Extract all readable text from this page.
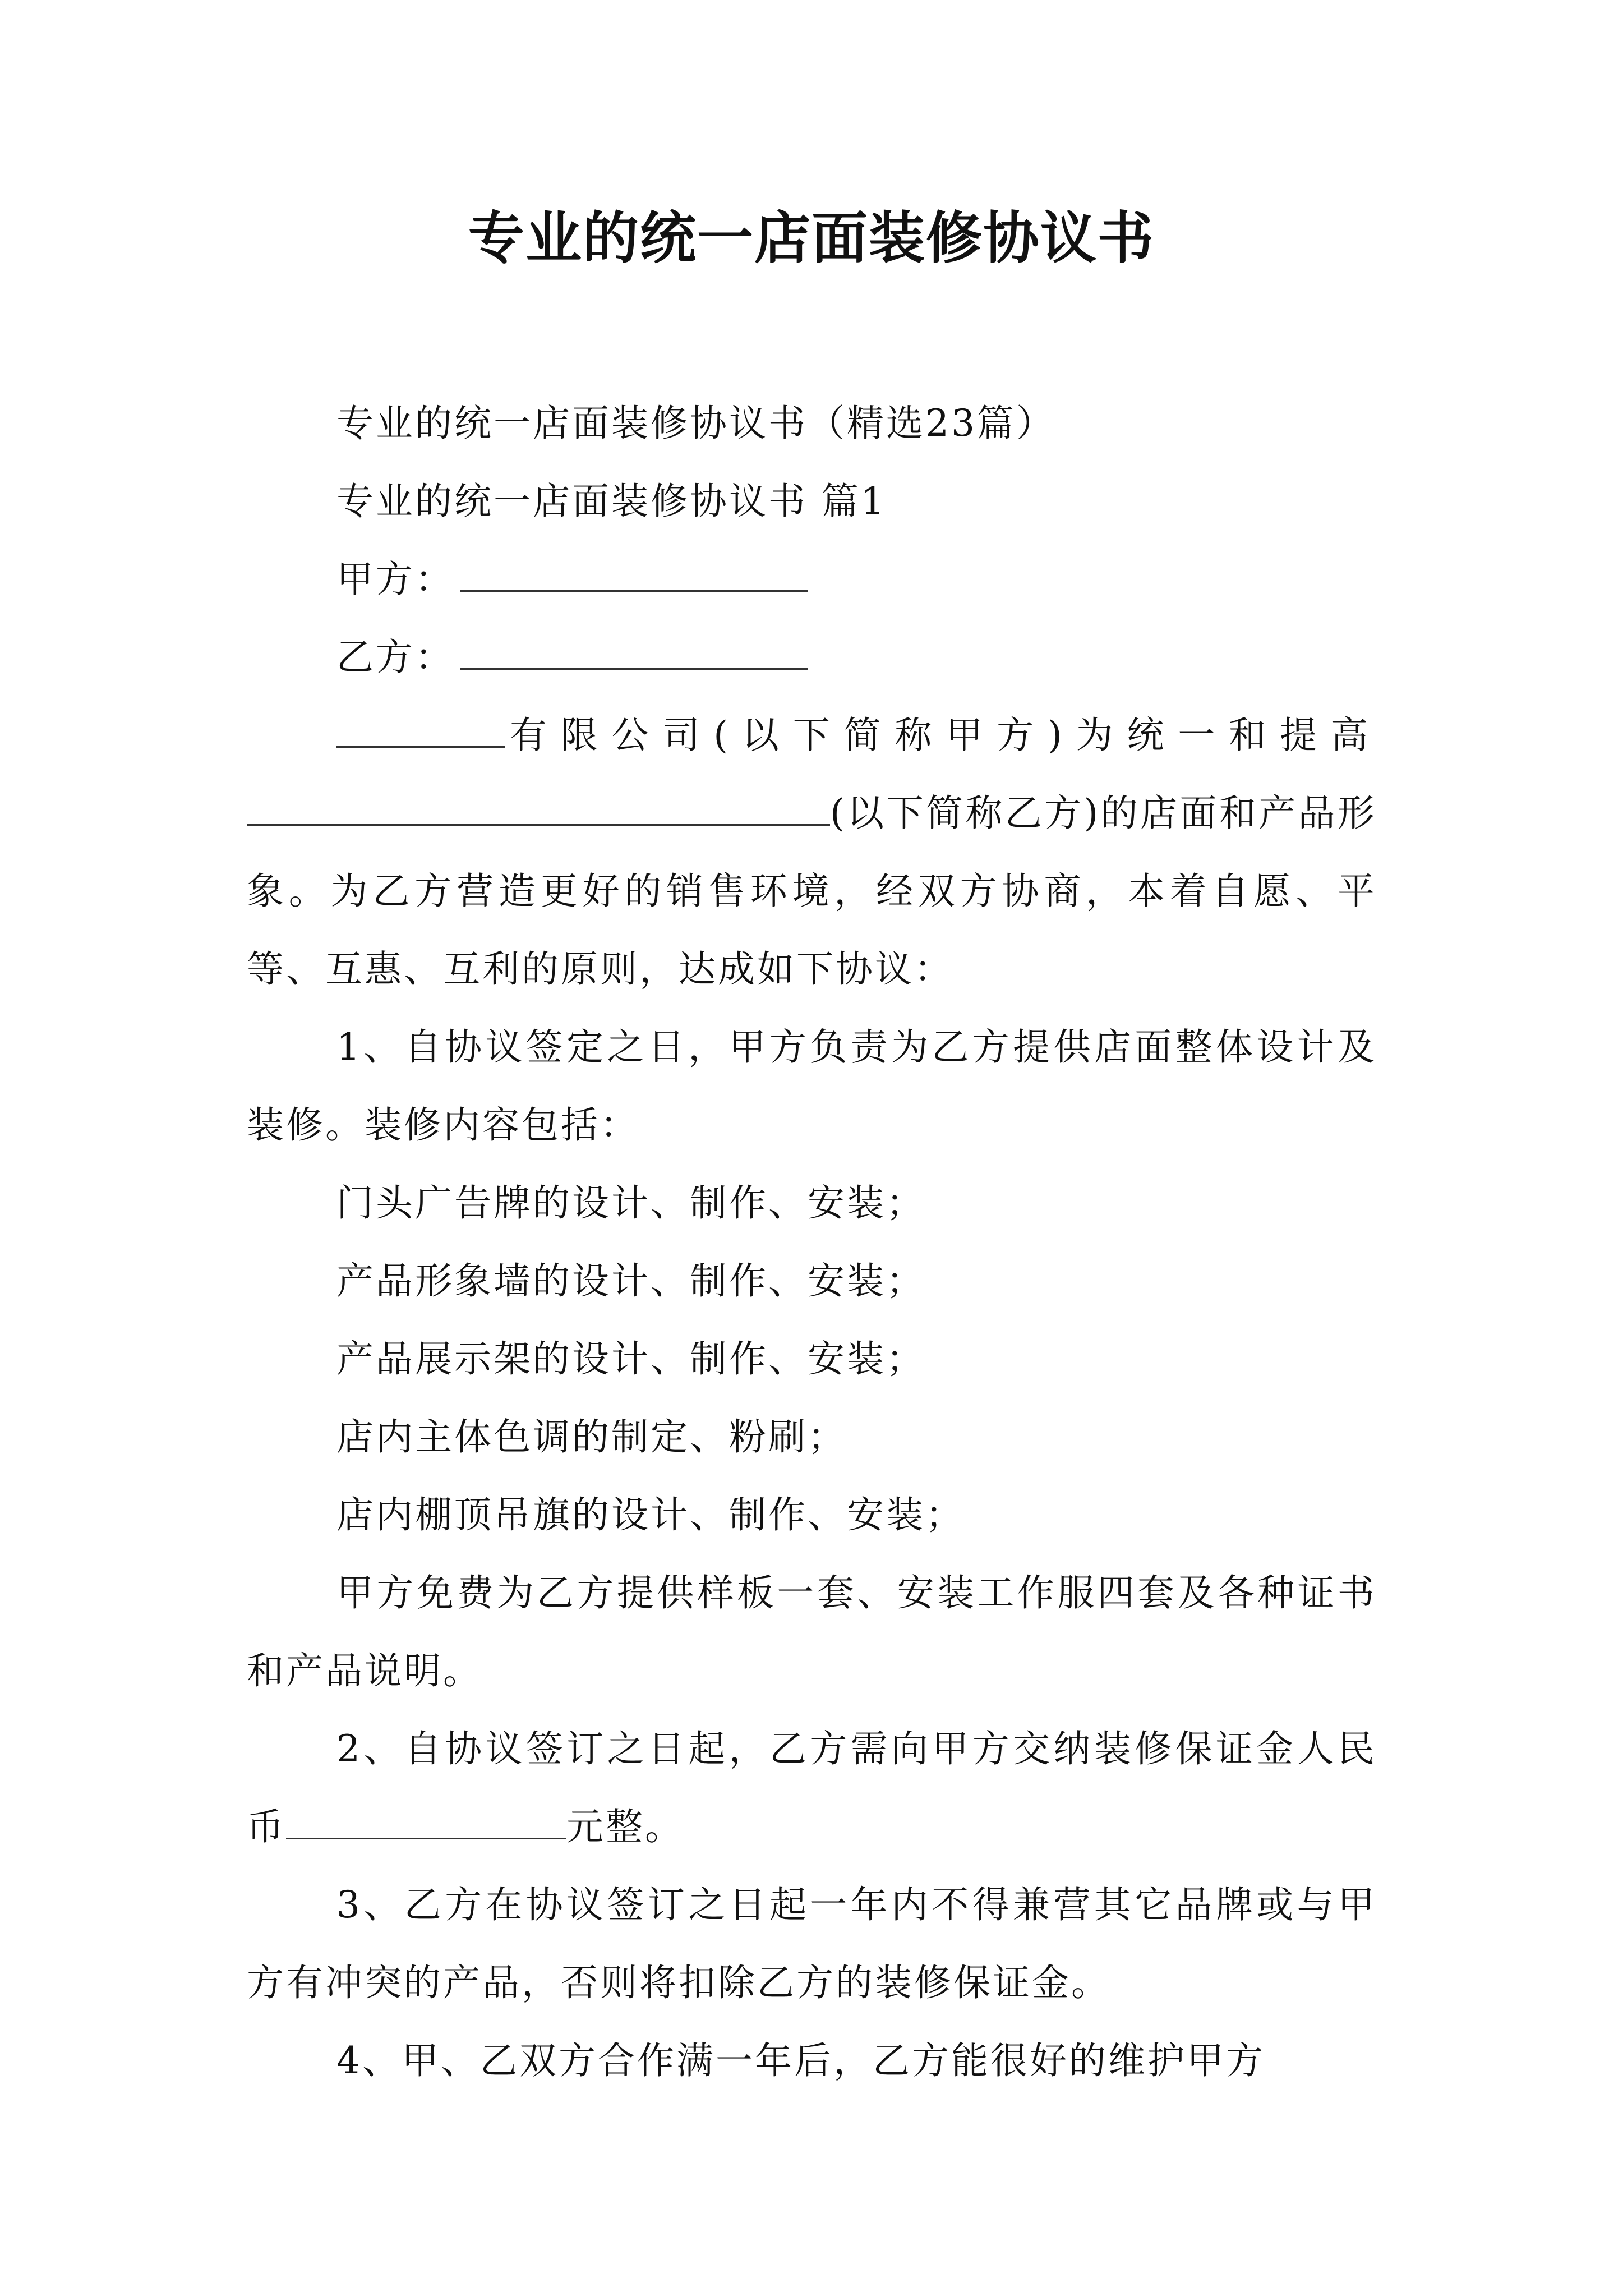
专业的统一店面装修协议书

专业的统一店面装修协议书（精选23篇）

专业的统一店面装修协议书 篇1

甲方：

乙方：

有限公司(以下简称甲方)为统一和提高(以下简称乙方)的店面和产品形象。为乙方营造更好的销售环境，经双方协商，本着自愿、平等、互惠、互利的原则，达成如下协议：

1、自协议签定之日，甲方负责为乙方提供店面整体设计及装修。装修内容包括：

门头广告牌的设计、制作、安装；

产品形象墙的设计、制作、安装；

产品展示架的设计、制作、安装；

店内主体色调的制定、粉刷；

店内棚顶吊旗的设计、制作、安装；

甲方免费为乙方提供样板一套、安装工作服四套及各种证书和产品说明。

2、自协议签订之日起，乙方需向甲方交纳装修保证金人民币	元整。

3、乙方在协议签订之日起一年内不得兼营其它品牌或与甲方有冲突的产品，否则将扣除乙方的装修保证金。

4、甲、乙双方合作满一年后，乙方能很好的维护甲方
